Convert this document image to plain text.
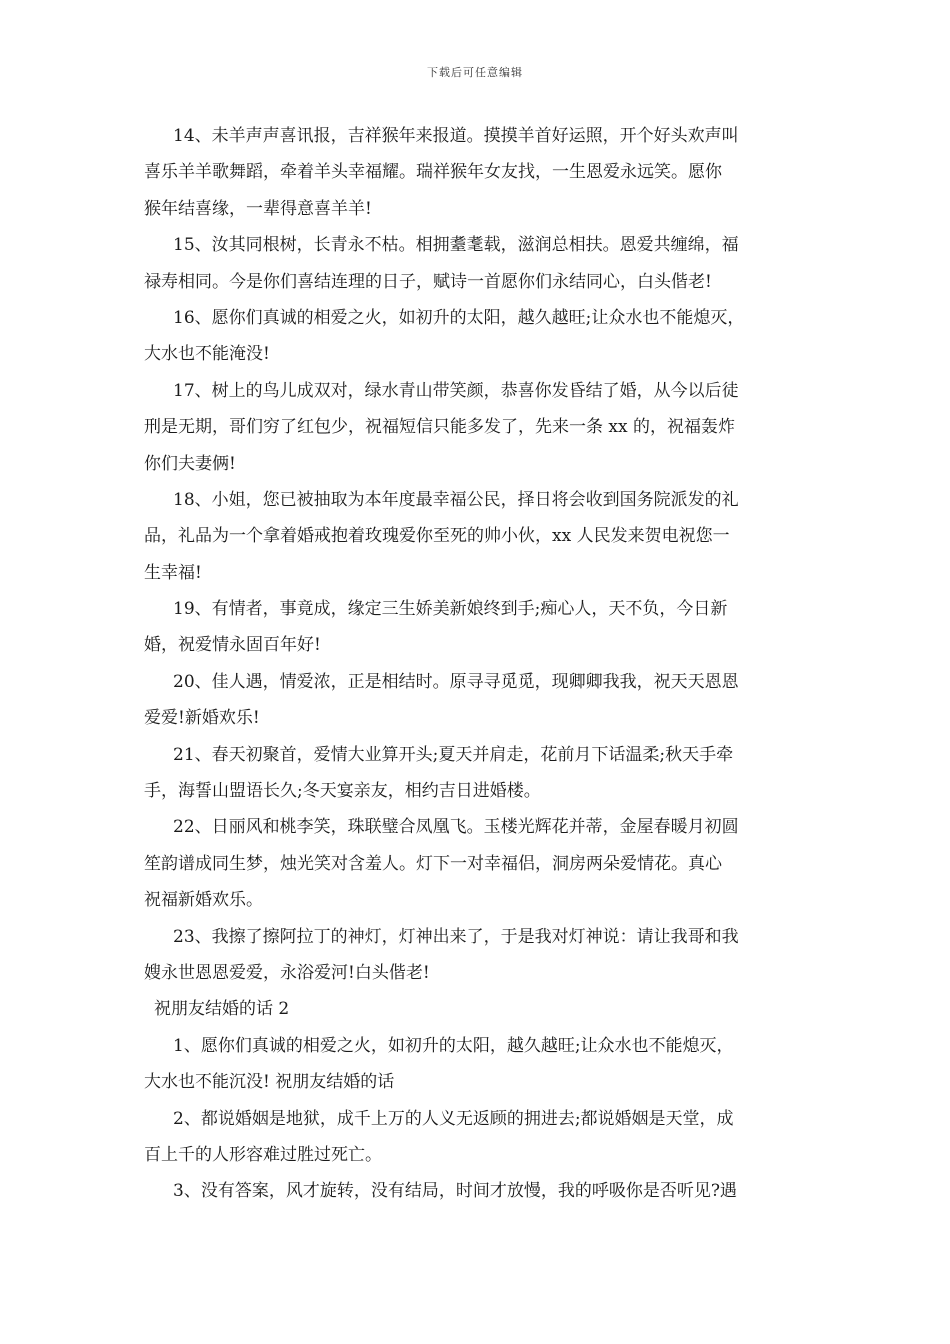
下载后可任意编辑
14、未羊声声喜讯报，吉祥猴年来报道。摸摸羊首好运照，开个好头欢声叫
喜乐羊羊歌舞蹈，牵着羊头幸福耀。瑞祥猴年女友找，一生恩爱永远笑。愿你
猴年结喜缘，一辈得意喜羊羊!
15、汝其同根树，长青永不枯。相拥耋耄载，滋润总相扶。恩爱共缠绵，福
禄寿相同。今是你们喜结连理的日子，赋诗一首愿你们永结同心，白头偕老!
16、愿你们真诚的相爱之火，如初升的太阳，越久越旺;让众水也不能熄灭，
大水也不能淹没!
17、树上的鸟儿成双对，绿水青山带笑颜，恭喜你发昏结了婚，从今以后徒
刑是无期，哥们穷了红包少，祝福短信只能多发了，先来一条 xx 的，祝福轰炸
你们夫妻俩!
18、小姐，您已被抽取为本年度最幸福公民，择日将会收到国务院派发的礼
品，礼品为一个拿着婚戒抱着玫瑰爱你至死的帅小伙，xx 人民发来贺电祝您一
生幸福!
19、有情者，事竟成，缘定三生娇美新娘终到手;痴心人，天不负，今日新
婚，祝爱情永固百年好!
20、佳人遇，情爱浓，正是相结时。原寻寻觅觅，现卿卿我我，祝天天恩恩
爱爱!新婚欢乐!
21、春天初聚首，爱情大业算开头;夏天并肩走，花前月下话温柔;秋天手牵
手，海誓山盟语长久;冬天宴亲友，相约吉日进婚楼。
22、日丽风和桃李笑，珠联璧合凤凰飞。玉楼光辉花并蒂，金屋春暖月初圆
笙韵谱成同生梦，烛光笑对含羞人。灯下一对幸福侣，洞房两朵爱情花。真心
祝福新婚欢乐。
23、我擦了擦阿拉丁的神灯，灯神出来了，于是我对灯神说：请让我哥和我
嫂永世恩恩爱爱，永浴爱河!白头偕老!
祝朋友结婚的话 2
1、愿你们真诚的相爱之火，如初升的太阳，越久越旺;让众水也不能熄灭，
大水也不能沉没! 祝朋友结婚的话
2、都说婚姻是地狱，成千上万的人义无返顾的拥进去;都说婚姻是天堂，成
百上千的人形容难过胜过死亡。
3、没有答案，风才旋转，没有结局，时间才放慢，我的呼吸你是否听见?遇
